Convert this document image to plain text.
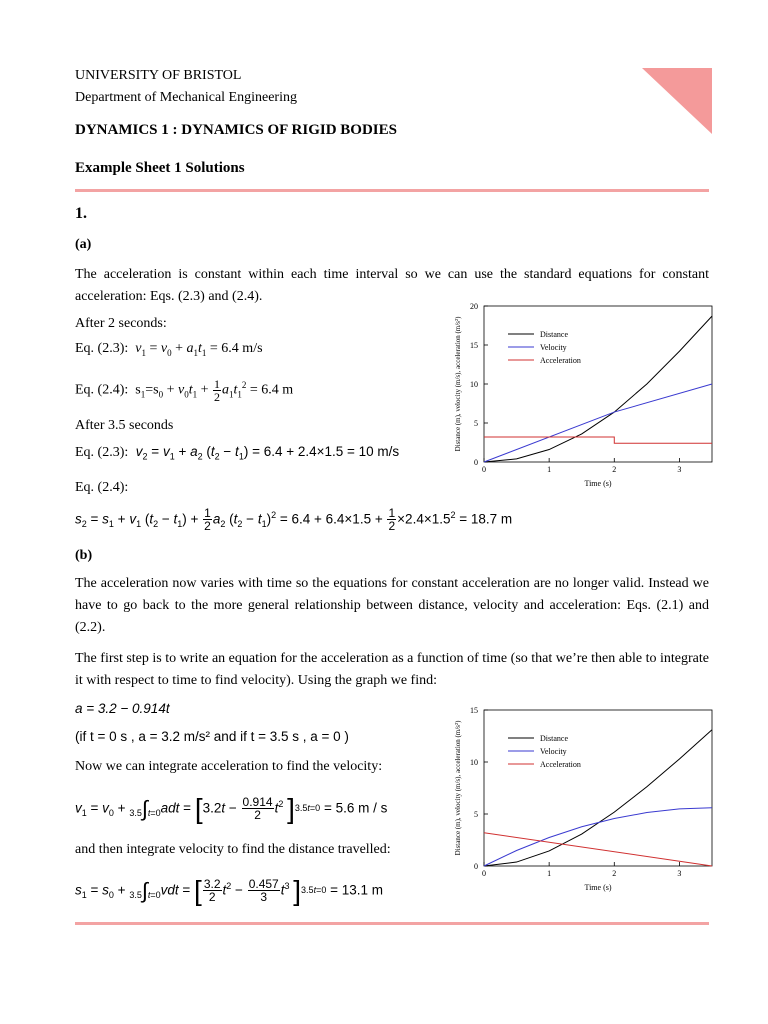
UNIVERSITY OF BRISTOL
Department of Mechanical Engineering
DYNAMICS 1 : DYNAMICS OF RIGID BODIES
Example Sheet 1 Solutions
1.
(a)
The acceleration is constant within each time interval so we can use the standard equations for constant acceleration: Eqs. (2.3) and (2.4).
After 2 seconds:
Eq. (2.3): $v_1 = v_0 + a_1t_1 = 6.4$ m/s
Eq. (2.4):  $s_1=s_0 + v_0t_1 + \frac{1}{2} a_1t_1^2 = 6.4$ m
After 3.5 seconds
Eq. (2.3): $v_2 = v_1 + a_2$ $(t_2 - t_1) = 6.4 + 2.4\times 1.5 = 10$ m/s
Eq. (2.4):
$s_2 = s_1 + v_1$ $(t_2 - t_1) + \frac{1}{2} a_2$ $(t_2 - t_1)^2 = 6.4 + 6.4\times 1.5 + \frac{1}{2} \times 2.4\times 1.5^2 = 18.7$ m
0
5
10
15
20
0	1	2	3
Time (s)
Distance (m), velocity (m/s), acceleration (m/s²)	Distance
Velocity
Acceleration
(b)
The acceleration now varies with time so the equations for constant acceleration are no longer valid. Instead we have to go back to the more general relationship between distance, velocity and acceleration: Eqs. (2.1) and (2.2).
The first step is to write an equation for the acceleration as a function of time (so that we’re then able to integrate it with respect to time to find velocity). Using the graph we find:
a = 3.2 − 0.914t
(if t = 0 s , a = 3.2 m/s² and if t = 3.5 s , a = 0 )
Now we can integrate acceleration to find the velocity:
$v_1 = v_0 + 3.5\int t=0adt = [3.2t - \frac{0.914}{2} t^2$ ]3.5t=0 = 5.6 m / s
and then integrate velocity to find the distance travelled:
$s_1 = s_0 + 3.5\int t=0vdt$ = [ $\frac{3.2}{2} t^2 - \frac{0.457}{3} t^3$ ]3.5t=0 = 13.1 m
0
5
10
15
0	1	2	3
Time (s)
Distance (m), velocity (m/s), acceleration (m/s²)	Distance
Velocity
Acceleration
